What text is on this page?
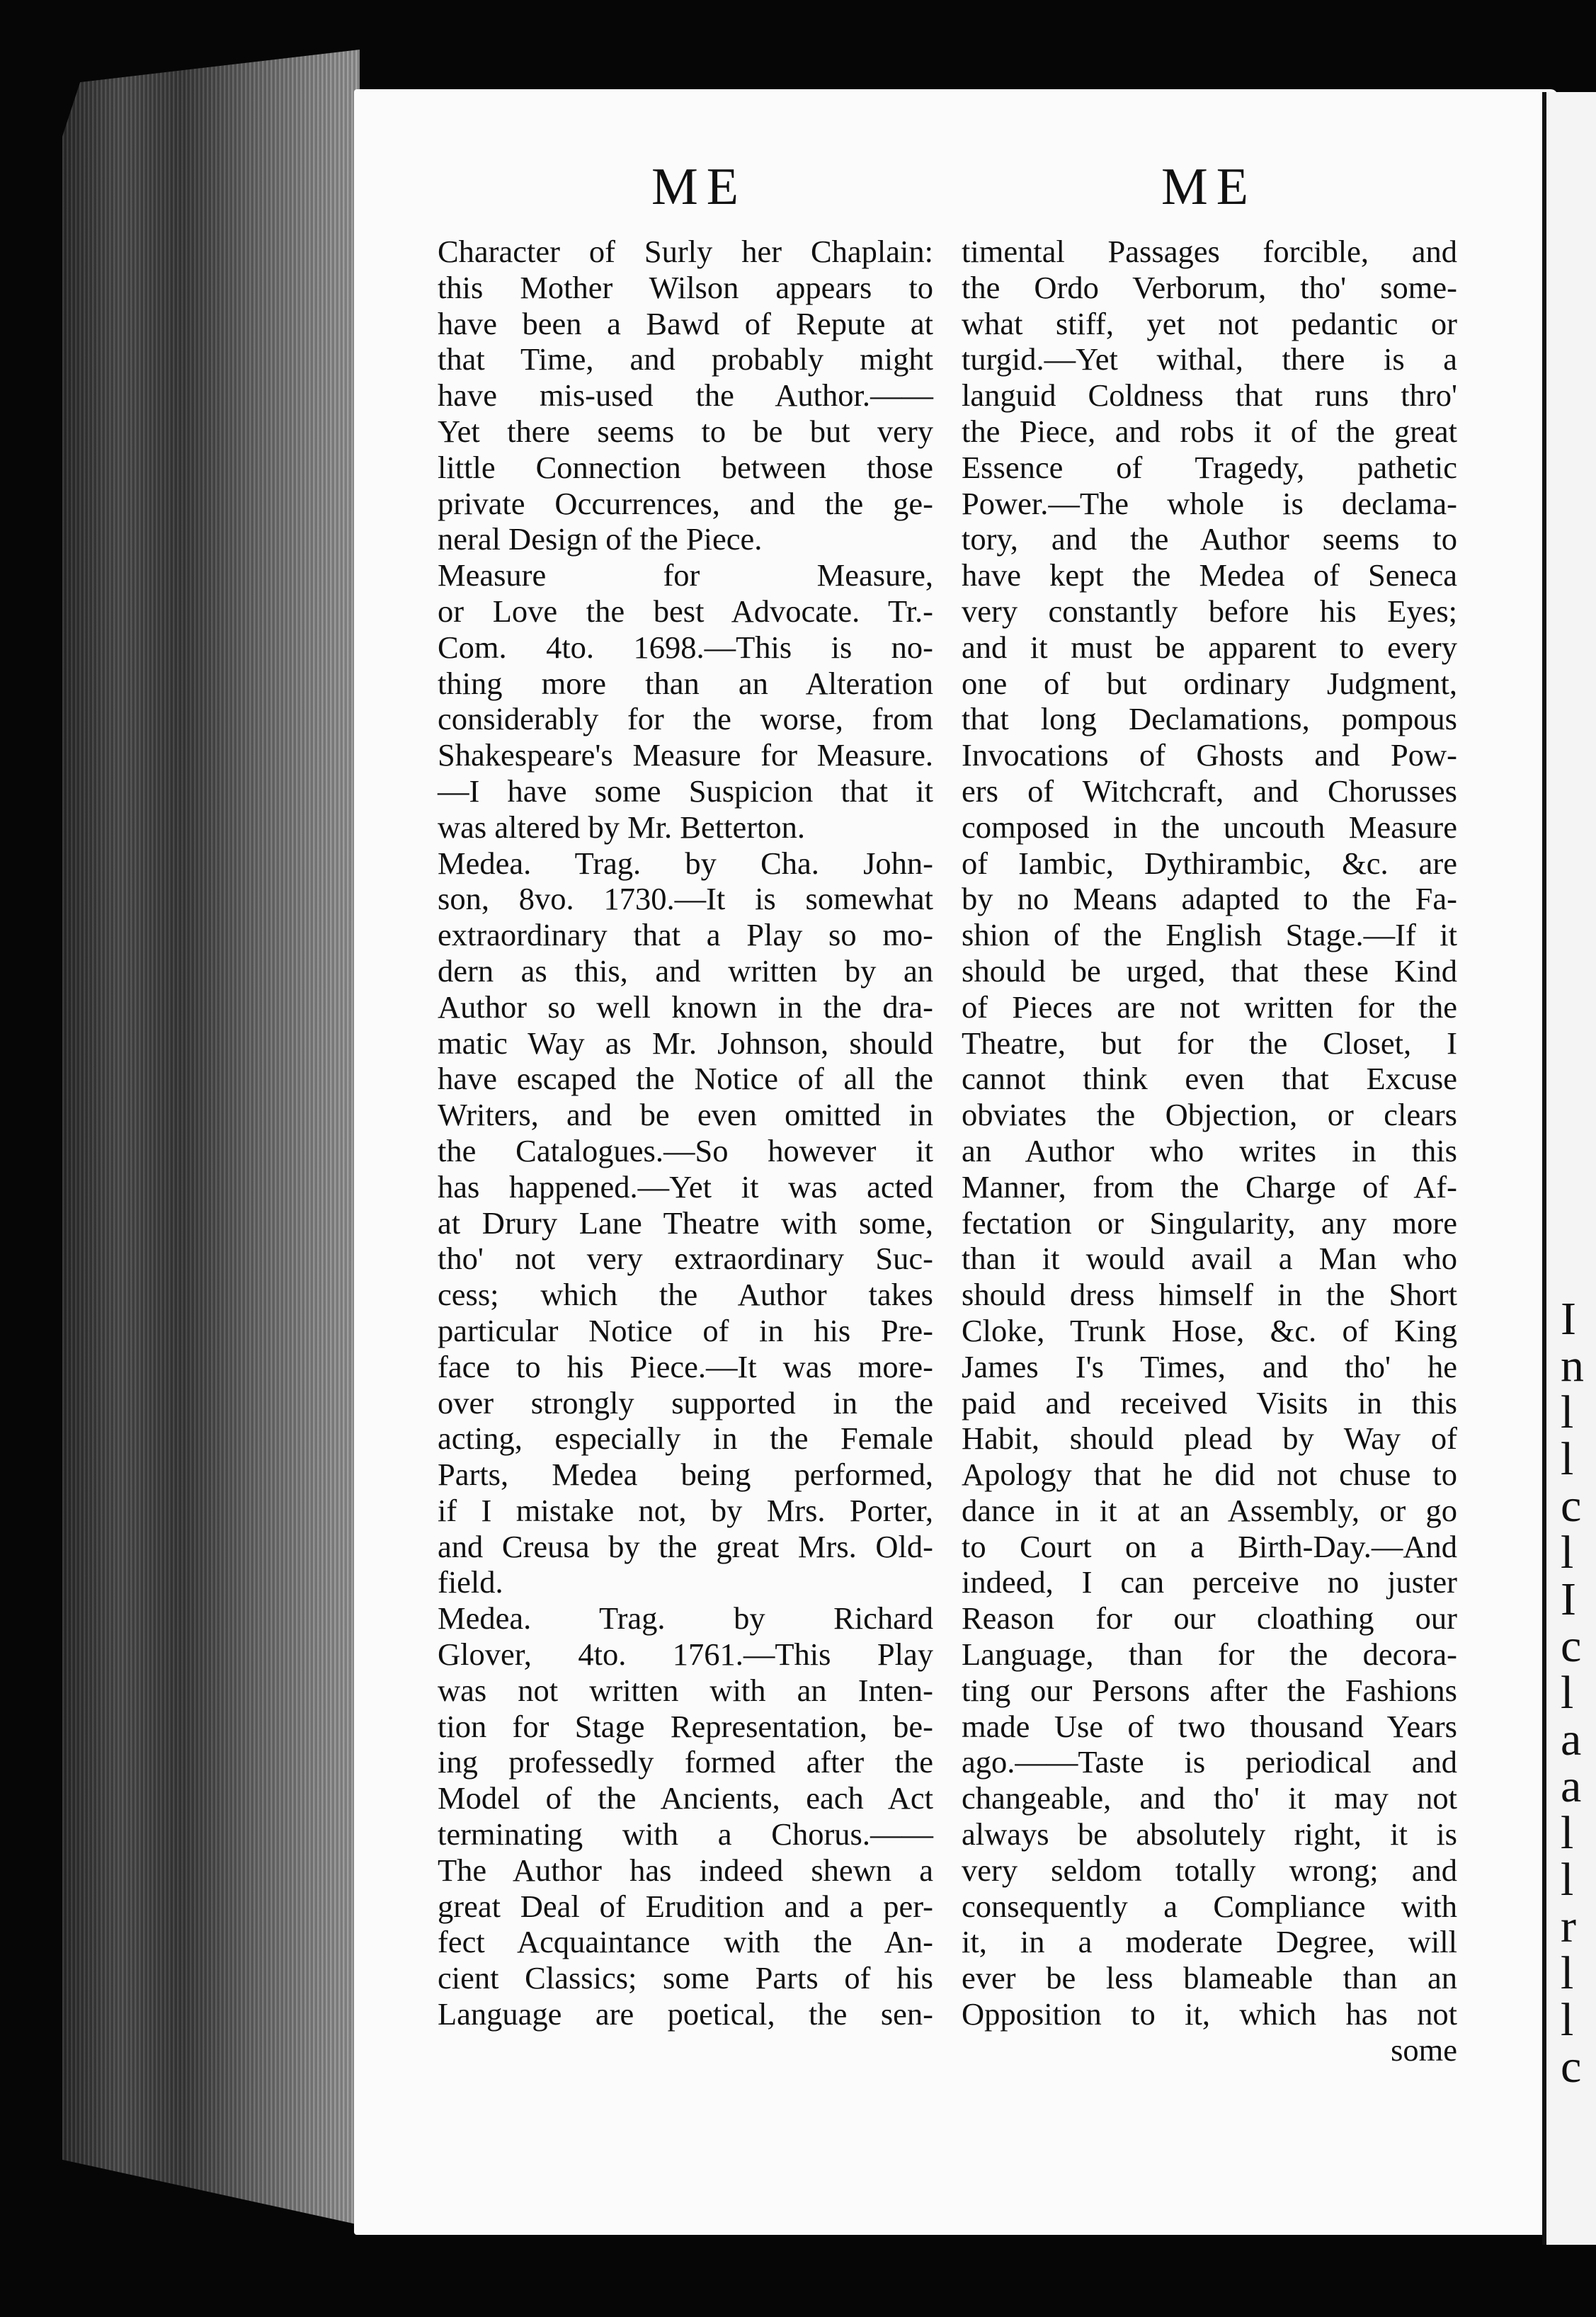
ME	ME
Character of Surly her Chaplain:
this Mother Wilson appears to
have been a Bawd of Repute at
that Time, and probably might
have mis-used the Author.——
Yet there seems to be but very
little Connection between those
private Occurrences, and the ge-
neral Design of the Piece.
Measure for Measure,
or Love the best Advocate. Tr.-
Com. 4to. 1698.—This is no-
thing more than an Alteration
considerably for the worse, from
Shakespeare's Measure for Measure.
—I have some Suspicion that it
was altered by Mr. Betterton.
Medea. Trag. by Cha. John-
son, 8vo. 1730.—It is somewhat
extraordinary that a Play so mo-
dern as this, and written by an
Author so well known in the dra-
matic Way as Mr. Johnson, should
have escaped the Notice of all the
Writers, and be even omitted in
the Catalogues.—So however it
has happened.—Yet it was acted
at Drury Lane Theatre with some,
tho' not very extraordinary Suc-
cess; which the Author takes
particular Notice of in his Pre-
face to his Piece.—It was more-
over strongly supported in the
acting, especially in the Female
Parts, Medea being performed,
if I mistake not, by Mrs. Porter,
and Creusa by the great Mrs. Old-
field.
Medea. Trag. by Richard
Glover, 4to. 1761.—This Play
was not written with an Inten-
tion for Stage Representation, be-
ing professedly formed after the
Model of the Ancients, each Act
terminating with a Chorus.——
The Author has indeed shewn a
great Deal of Erudition and a per-
fect Acquaintance with the An-
cient Classics; some Parts of his
Language are poetical, the sen-
timental Passages forcible, and
the Ordo Verborum, tho' some-
what stiff, yet not pedantic or
turgid.—Yet withal, there is a
languid Coldness that runs thro'
the Piece, and robs it of the great
Essence of Tragedy, pathetic
Power.—The whole is declama-
tory, and the Author seems to
have kept the Medea of Seneca
very constantly before his Eyes;
and it must be apparent to every
one of but ordinary Judgment,
that long Declamations, pompous
Invocations of Ghosts and Pow-
ers of Witchcraft, and Chorusses
composed in the uncouth Measure
of Iambic, Dythirambic, &c. are
by no Means adapted to the Fa-
shion of the English Stage.—If it
should be urged, that these Kind
of Pieces are not written for the
Theatre, but for the Closet, I
cannot think even that Excuse
obviates the Objection, or clears
an Author who writes in this
Manner, from the Charge of Af-
fectation or Singularity, any more
than it would avail a Man who
should dress himself in the Short
Cloke, Trunk Hose, &c. of King
James I's Times, and tho' he
paid and received Visits in this
Habit, should plead by Way of
Apology that he did not chuse to
dance in it at an Assembly, or go
to Court on a Birth-Day.—And
indeed, I can perceive no juster
Reason for our cloathing our
Language, than for the decora-
ting our Persons after the Fashions
made Use of two thousand Years
ago.——Taste is periodical and
changeable, and tho' it may not
always be absolutely right, it is
very seldom totally wrong; and
consequently a Compliance with
it, in a moderate Degree, will
ever be less blameable than an
Opposition to it, which has not
some
I
n
l
l
c
l
I
c
l
a
a
l
l
r
l
l
c
